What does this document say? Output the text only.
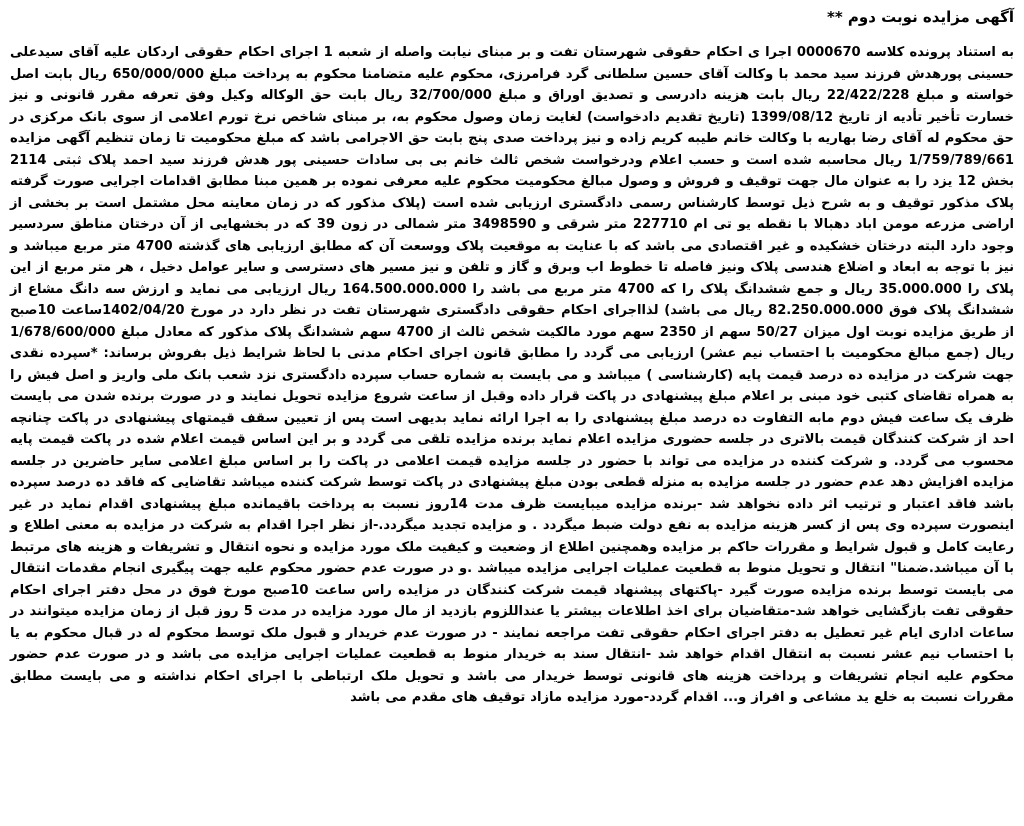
آگهی مزایده نوبت دوم **

به استناد پرونده کلاسه 0000670 اجرا ی احکام حقوقی شهرستان تفت و بر مبنای نیابت واصله از شعبه 1 اجرای احکام حقوقی اردکان علیه آقای سیدعلی حسینی پورهدش فرزند سید محمد با وکالت آقای حسین سلطانی گرد فرامرزی، محکوم علیه متضامنا محکوم به پرداخت مبلغ 650/000/000 ریال بابت اصل خواسته و مبلغ 22/422/228 ریال بابت هزینه دادرسی و تصدیق اوراق و مبلغ 32/700/000 ریال بابت حق الوکاله وکیل وفق تعرفه مقرر قانونی و نیز خسارت تأخیر تأدیه از تاریخ 1399/08/12 (تاریخ تقدیم دادخواست) لغایت زمان وصول محکوم به، بر مبنای شاخص نرخ تورم اعلامی از سوی بانک مرکزی در حق محکوم له آقای رضا بهاریه با وکالت خانم طیبه کریم زاده و نیز پرداخت صدی پنج بابت حق الاجرامی باشد که مبلغ محکومیت تا زمان تنظیم آگهی مزایده 1/759/789/661 ریال محاسبه شده است و حسب اعلام ودرخواست شخص ثالث خانم بی بی سادات حسینی پور هدش فرزند سید احمد پلاک ثبتی 2114 بخش 12 یزد را به عنوان مال جهت توقیف و فروش و وصول مبالغ محکومیت محکوم علیه معرفی نموده بر همین مبنا مطابق اقدامات اجرایی صورت گرفته پلاک مذکور توقیف و به شرح ذیل توسط کارشناس رسمی دادگستری ارزیابی شده است (پلاک مذکور که در زمان معاینه محل مشتمل است بر بخشی از اراضی مزرعه مومن اباد دهبالا با نقطه یو تی ام 227710 متر شرقی و 3498590 متر شمالی در زون 39 که در بخشهایی از آن درختان مناطق سردسیر وجود دارد البته درختان خشکیده و غیر اقتصادی می باشد که با عنایت به موقعیت پلاک ووسعت آن که مطابق ارزیابی های گذشته 4700 متر مربع میباشد و نیز با توجه به ابعاد و اضلاع هندسی پلاک ونیز فاصله تا خطوط اب وبرق و گاز و تلفن و نیز مسیر های دسترسی و سایر عوامل دخیل ، هر متر مربع از این پلاک را 35.000.000 ریال و جمع ششدانگ پلاک را که 4700 متر مربع می باشد را 164.500.000.000 ریال ارزیابی می نماید و ارزش سه دانگ مشاع از ششدانگ پلاک فوق 82.250.000.000 ریال می باشد) لذااجرای احکام حقوقی دادگستری شهرستان تفت در نظر دارد در مورخ 1402/04/20ساعت 10صبح از طریق مزایده نوبت اول میزان 50/27 سهم از 2350 سهم مورد مالکیت شخص ثالث از 4700 سهم ششدانگ پلاک مذکور که معادل مبلغ 1/678/600/000 ریال (جمع مبالغ محکومیت با احتساب نیم عشر) ارزیابی می گردد را مطابق قانون اجرای احکام مدنی با لحاظ شرایط ذیل بفروش برساند: *سپرده نقدی جهت شرکت در مزایده ده درصد قیمت پایه (کارشناسی ) میباشد و می بایست به شماره حساب سپرده دادگستری نزد شعب بانک ملی واریز و اصل فیش را به همراه تقاضای کتبی خود مبنی بر اعلام مبلغ پیشنهادی در پاکت قرار داده وقبل از ساعت شروع مزایده تحویل نمایند و در صورت برنده شدن می بایست ظرف یک ساعت فیش دوم مابه التفاوت ده درصد مبلغ پیشنهادی را به اجرا ارائه نماید بدیهی است پس از تعیین سقف قیمتهای پیشنهادی در پاکت چنانچه احد از شرکت کنندگان قیمت بالاتری در جلسه حضوری مزایده اعلام نماید برنده مزایده تلقی می گردد و بر این اساس قیمت اعلام شده در پاکت قیمت پایه محسوب می گردد. و شرکت کننده در مزایده می تواند با حضور در جلسه مزایده قیمت اعلامی در پاکت را بر اساس مبلغ اعلامی سایر حاضرین در جلسه مزایده افزایش دهد عدم حضور در جلسه مزایده به منزله قطعی بودن مبلغ پیشنهادی در پاکت توسط شرکت کننده میباشد تقاضایی که فاقد ده درصد سپرده باشد فاقد اعتبار و ترتیب اثر داده نخواهد شد -برنده مزایده میبایست ظرف مدت 14روز نسبت به پرداخت باقیمانده مبلغ پیشنهادی اقدام نماید در غیر اینصورت سپرده وی پس از کسر هزینه مزایده به نفع دولت ضبط میگردد . و مزایده تجدید میگردد.-از نظر اجرا اقدام به شرکت در مزایده به معنی اطلاع و رعایت کامل و قبول شرایط و مقررات حاکم بر مزایده وهمچنین اطلاع از وضعیت و کیفیت ملک مورد مزایده و نحوه انتقال و تشریفات و هزینه های مرتبط با آن میباشد.ضمنا" انتقال و تحویل منوط به قطعیت عملیات اجرایی مزایده میباشد .و در صورت عدم حضور محکوم علیه جهت پیگیری انجام مقدمات انتقال می بایست توسط برنده مزایده صورت گیرد -پاکتهای پیشنهاد قیمت شرکت کنندگان در مزایده راس ساعت 10صبح مورخ فوق در محل دفتر اجرای احکام حقوقی تفت بازگشایی خواهد شد-متقاضیان برای اخذ اطلاعات بیشتر یا عنداللزوم بازدید از مال مورد مزایده در مدت 5 روز قبل از زمان مزایده میتوانند در ساعات اداری ایام غیر تعطیل به دفتر اجرای احکام حقوقی تفت مراجعه نمایند - در صورت عدم خریدار و قبول ملک توسط محکوم له در قبال محکوم به یا با احتساب نیم عشر نسبت به انتقال اقدام خواهد شد -انتقال سند به خریدار منوط به قطعیت عملیات اجرایی مزایده می باشد و در صورت عدم حضور محکوم علیه انجام تشریفات و پرداخت هزینه های قانونی توسط خریدار می باشد و تحویل ملک ارتباطی با اجرای احکام نداشته و می بایست مطابق مقررات نسبت به خلع ید مشاعی و افراز و... اقدام گردد-مورد مزایده مازاد توقیف های مقدم می باشد
